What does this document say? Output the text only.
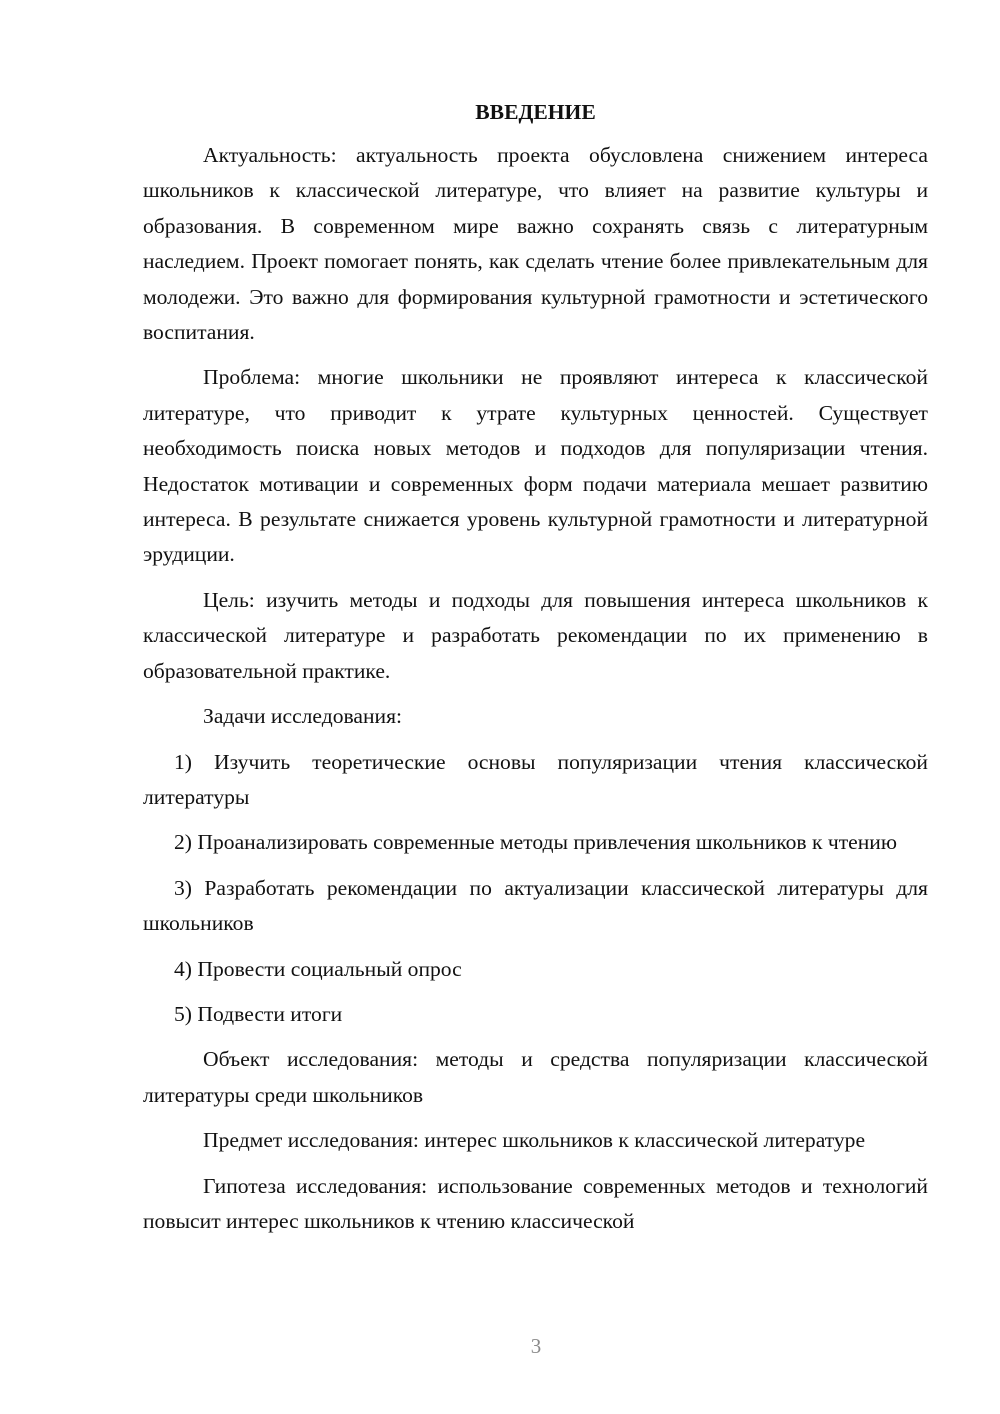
ВВЕДЕНИЕ

Актуальность: актуальность проекта обусловлена снижением интереса школьников к классической литературе, что влияет на развитие культуры и образования. В современном мире важно сохранять связь с литературным наследием. Проект помогает понять, как сделать чтение более привлекательным для молодежи. Это важно для формирования культурной грамотности и эстетического воспитания.

Проблема: многие школьники не проявляют интереса к классической литературе, что приводит к утрате культурных ценностей. Существует необходимость поиска новых методов и подходов для популяризации чтения. Недостаток мотивации и современных форм подачи материала мешает развитию интереса. В результате снижается уровень культурной грамотности и литературной эрудиции.

Цель: изучить методы и подходы для повышения интереса школьников к классической литературе и разработать рекомендации по их применению в образовательной практике.

Задачи исследования:

1) Изучить теоретические основы популяризации чтения классической литературы

2) Проанализировать современные методы привлечения школьников к чтению

3) Разработать рекомендации по актуализации классической литературы для школьников

4) Провести социальный опрос

5) Подвести итоги

Объект исследования: методы и средства популяризации классической литературы среди школьников

Предмет исследования: интерес школьников к классической литературе

Гипотеза исследования: использование современных методов и технологий повысит интерес школьников к чтению классической

3
